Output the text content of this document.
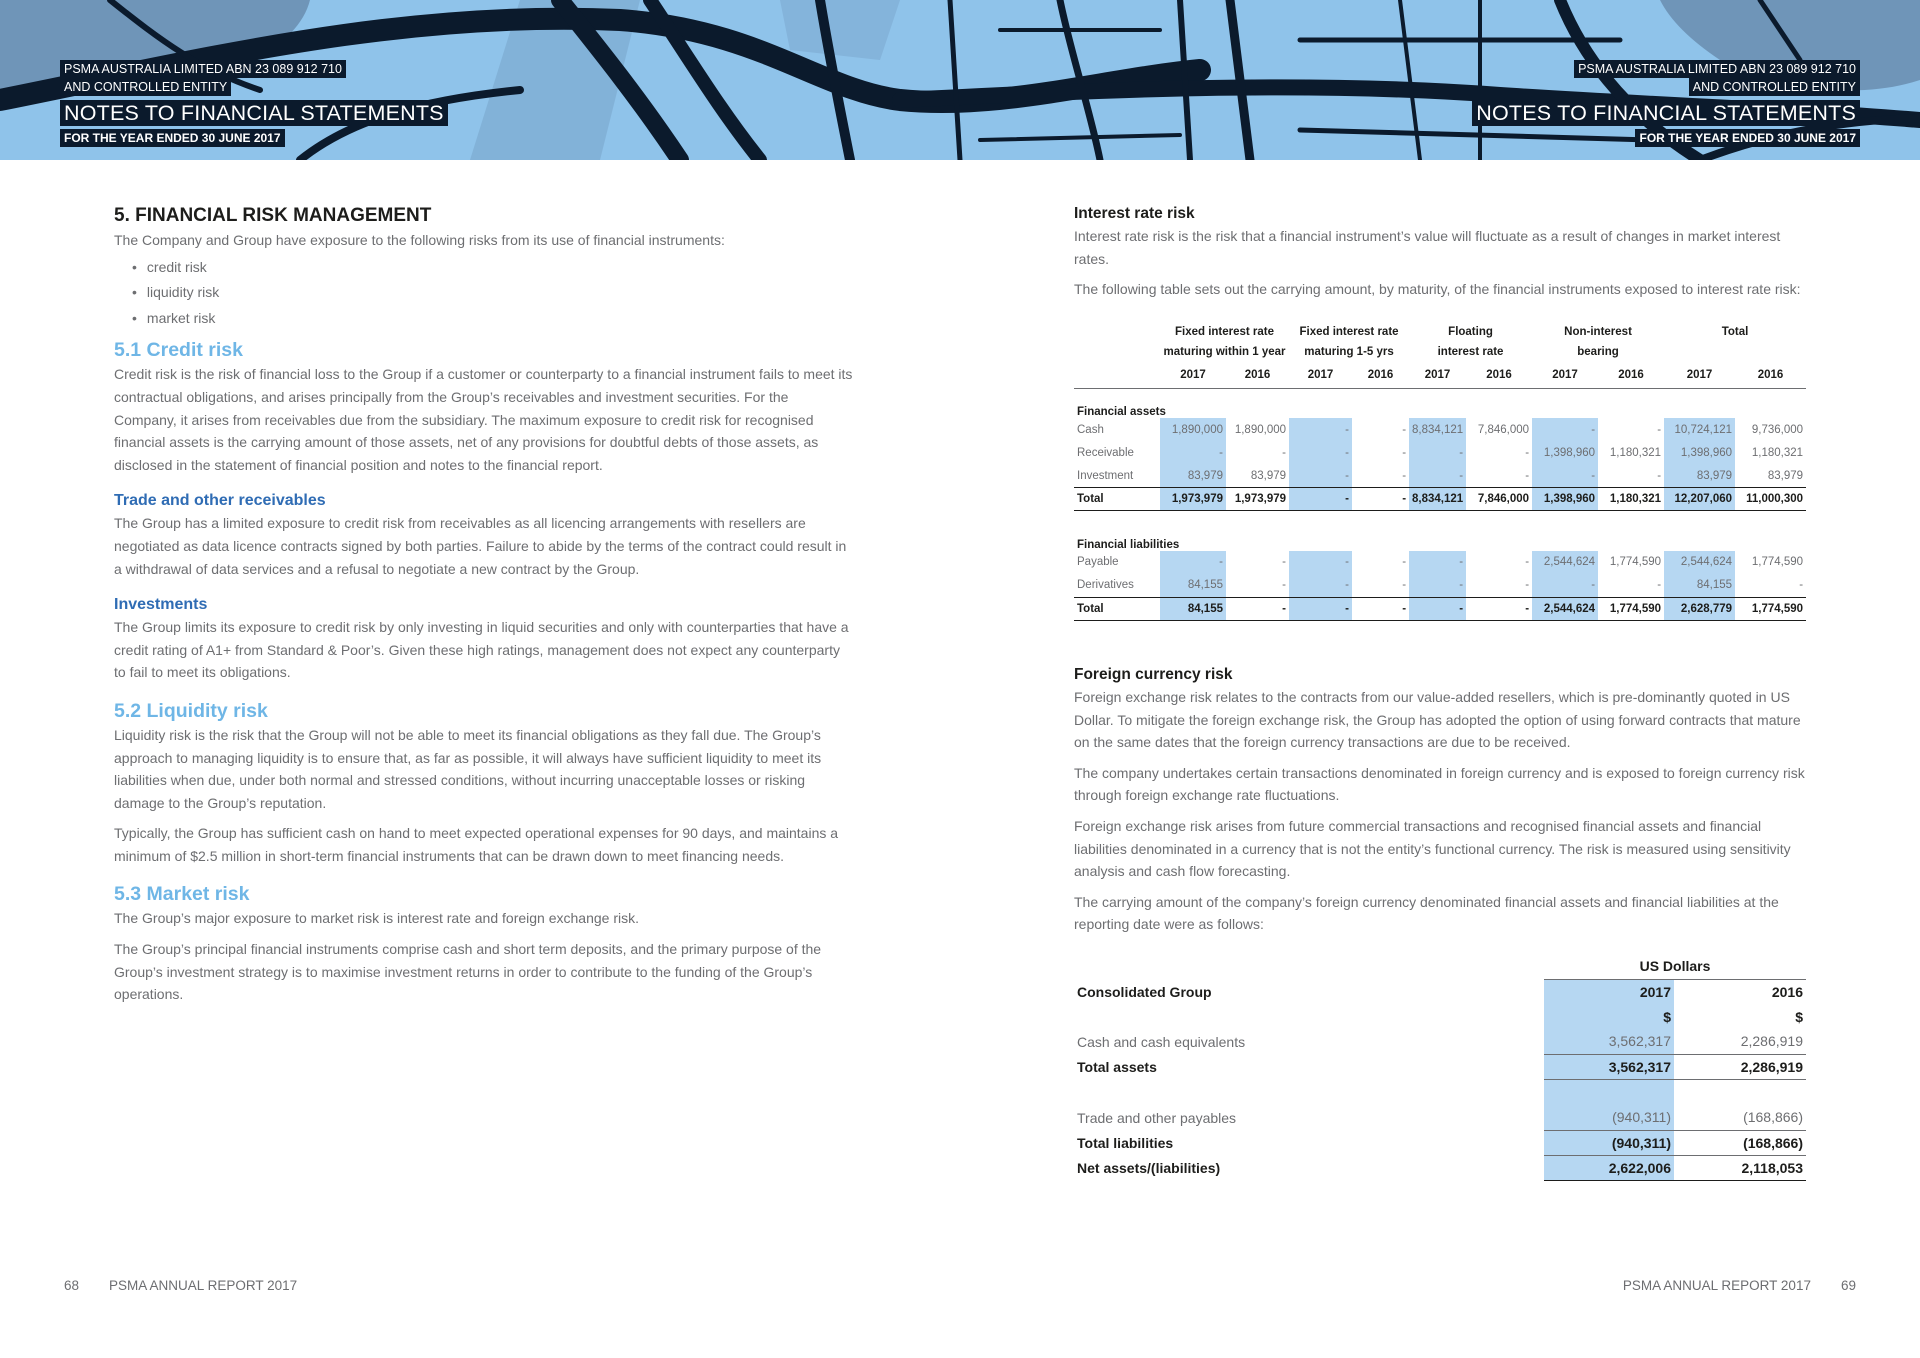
PSMA AUSTRALIA LIMITED ABN 23 089 912 710
AND CONTROLLED ENTITY
NOTES TO FINANCIAL STATEMENTS
FOR THE YEAR ENDED 30 JUNE 2017
PSMA AUSTRALIA LIMITED ABN 23 089 912 710
AND CONTROLLED ENTITY
NOTES TO FINANCIAL STATEMENTS
FOR THE YEAR ENDED 30 JUNE 2017
5. FINANCIAL RISK MANAGEMENT

The Company and Group have exposure to the following risks from its use of financial instruments:

• credit risk
• liquidity risk
• market risk
5.1 Credit risk

Credit risk is the risk of financial loss to the Group if a customer or counterparty to a financial instrument fails to meet its contractual obligations, and arises principally from the Group’s receivables and investment securities. For the Company, it arises from receivables due from the subsidiary. The maximum exposure to credit risk for recognised financial assets is the carrying amount of those assets, net of any provisions for doubtful debts of those assets, as disclosed in the statement of financial position and notes to the financial report.

Trade and other receivables

The Group has a limited exposure to credit risk from receivables as all licencing arrangements with resellers are negotiated as data licence contracts signed by both parties. Failure to abide by the terms of the contract could result in a withdrawal of data services and a refusal to negotiate a new contract by the Group.

Investments

The Group limits its exposure to credit risk by only investing in liquid securities and only with counterparties that have a credit rating of A1+ from Standard & Poor’s. Given these high ratings, management does not expect any counterparty to fail to meet its obligations.

5.2 Liquidity risk

Liquidity risk is the risk that the Group will not be able to meet its financial obligations as they fall due. The Group’s approach to managing liquidity is to ensure that, as far as possible, it will always have sufficient liquidity to meet its liabilities when due, under both normal and stressed conditions, without incurring unacceptable losses or risking damage to the Group’s reputation.

Typically, the Group has sufficient cash on hand to meet expected operational expenses for 90 days, and maintains a minimum of $2.5 million in short-term financial instruments that can be drawn down to meet financing needs.

5.3 Market risk

The Group’s major exposure to market risk is interest rate and foreign exchange risk.

The Group’s principal financial instruments comprise cash and short term deposits, and the primary purpose of the Group’s investment strategy is to maximise investment returns in order to contribute to the funding of the Group’s operations.

Interest rate risk

Interest rate risk is the risk that a financial instrument’s value will fluctuate as a result of changes in market interest rates.

The following table sets out the carrying amount, by maturity, of the financial instruments exposed to interest rate risk:

	Fixed interest rate		Fixed interest rate		Floating		Non-interest		Total	
	maturing within 1 year		maturing 1-5 yrs		interest rate		bearing			
	2017	2016	2017	2016	2017	2016	2017	2016	2017	2016
Financial assets										
Cash	1,890,000	1,890,000	-	-	8,834,121	7,846,000	-	-	10,724,121	9,736,000
Receivable	-	-	-	-	-	-	1,398,960	1,180,321	1,398,960	1,180,321
Investment	83,979	83,979	-	-	-	-	-	-	83,979	83,979
Total	1,973,979	1,973,979	-	-	8,834,121	7,846,000	1,398,960	1,180,321	12,207,060	11,000,300
Financial liabilities										
Payable	-	-	-	-	-	-	2,544,624	1,774,590	2,544,624	1,774,590
Derivatives	84,155	-	-	-	-	-	-	-	84,155	-
Total	84,155	-	-	-	-	-	2,544,624	1,774,590	2,628,779	1,774,590
Foreign currency risk

Foreign exchange risk relates to the contracts from our value-added resellers, which is pre-dominantly quoted in US Dollar. To mitigate the foreign exchange risk, the Group has adopted the option of using forward contracts that mature on the same dates that the foreign currency transactions are due to be received.

The company undertakes certain transactions denominated in foreign currency and is exposed to foreign currency risk through foreign exchange rate fluctuations.

Foreign exchange risk arises from future commercial transactions and recognised financial assets and financial liabilities denominated in a currency that is not the entity’s functional currency. The risk is measured using sensitivity analysis and cash flow forecasting.

The carrying amount of the company’s foreign currency denominated financial assets and financial liabilities at the reporting date were as follows:

	US Dollars	
Consolidated Group	2017	2016
	$	$
Cash and cash equivalents	3,562,317	2,286,919
Total assets	3,562,317	2,286,919

Trade and other payables	(940,311)	(168,866)
Total liabilities	(940,311)	(168,866)
Net assets/(liabilities)	2,622,006	2,118,053
68 PSMA ANNUAL REPORT 2017	PSMA ANNUAL REPORT 2017 69
